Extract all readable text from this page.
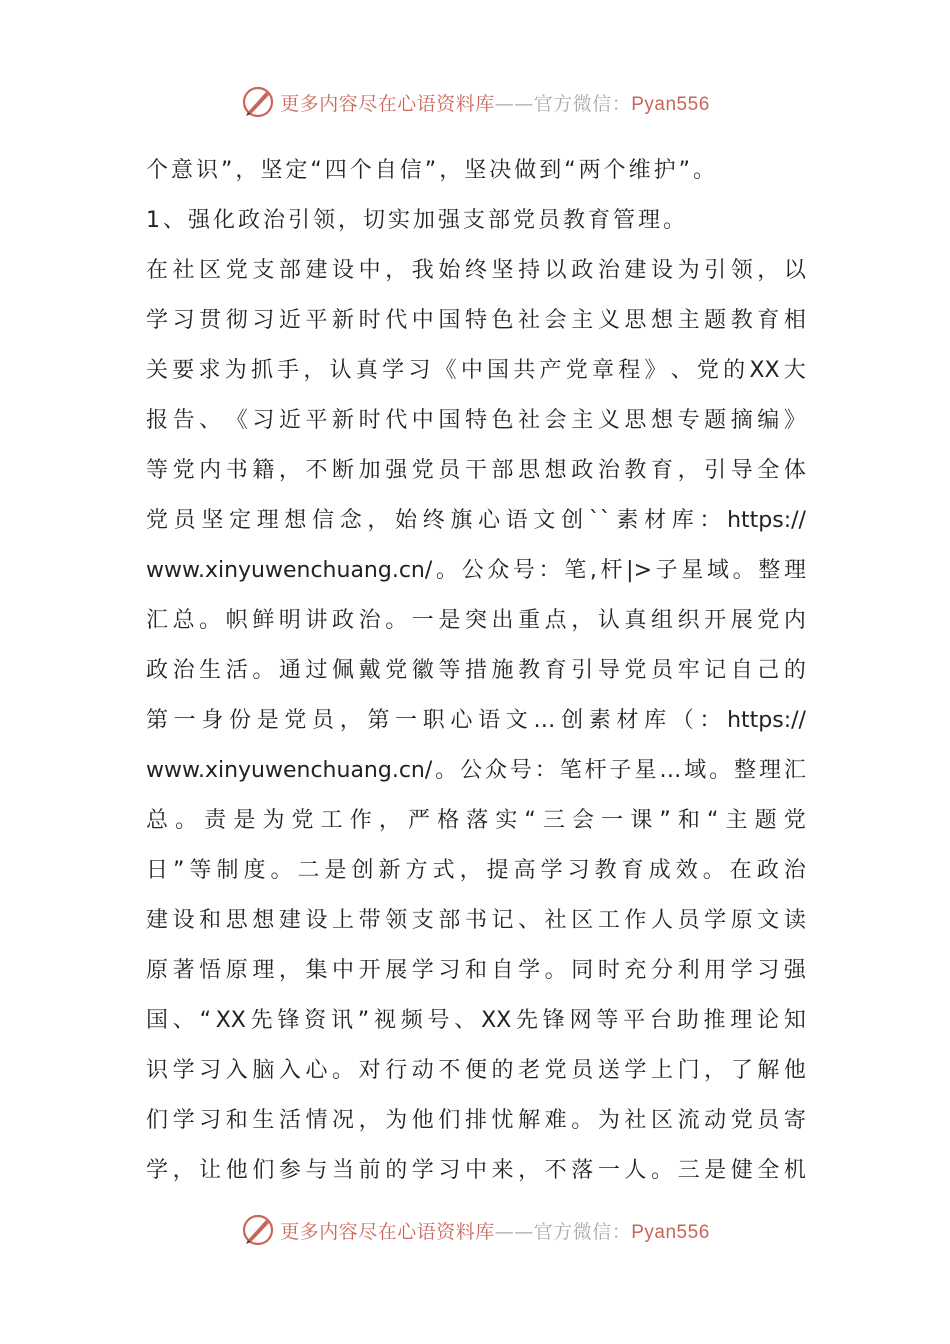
更多内容尽在心语资料库——官方微信：Pyan556
个意识”，坚定“四个自信”，坚决做到“两个维护”。
1、强化政治引领，切实加强支部党员教育管理。
在 社 区 党 支 部 建 设 中 ， 我 始 终 坚 持 以 政 治 建 设 为 引 领 ， 以
学 习 贯 彻 习 近 平 新 时 代 中 国 特 色 社 会 主 义 思 想 主 题 教 育 相
关 要 求 为 抓 手 ， 认 真 学 习 《 中 国 共 产 党 章 程 》 、 党 的 XX 大
报 告 、 《 习 近 平 新 时 代 中 国 特 色 社 会 主 义 思 想 专 题 摘 编 》
等 党 内 书 籍 ， 不 断 加 强 党 员 干 部 思 想 政 治 教 育 ， 引 导 全 体
党 员 坚 定 理 想 信 念 ， 始 终 旗 心 语 文 创 `` 素 材 库 ： https://
www.xinyuwenchuang.cn/ 。 公 众 号 ： 笔 , 杆 |> 子 星 域 。 整 理
汇 总 。 帜 鲜 明 讲 政 治 。 一 是 突 出 重 点 ， 认 真 组 织 开 展 党 内
政 治 生 活 。 通 过 佩 戴 党 徽 等 措 施 教 育 引 导 党 员 牢 记 自 己 的
第 一 身 份 是 党 员 ， 第 一 职 心 语 文 … 创 素 材 库 （ ： https://
www.xinyuwenchuang.cn/ 。 公 众 号 ： 笔 杆 子 星 … 域 。 整 理 汇
总 。 责 是 为 党 工 作 ， 严 格 落 实 “ 三 会 一 课 ” 和 “ 主 题 党
日 ” 等 制 度 。 二 是 创 新 方 式 ， 提 高 学 习 教 育 成 效 。 在 政 治
建 设 和 思 想 建 设 上 带 领 支 部 书 记 、 社 区 工 作 人 员 学 原 文 读
原 著 悟 原 理 ， 集 中 开 展 学 习 和 自 学 。 同 时 充 分 利 用 学 习 强
国 、 “ XX 先 锋 资 讯 ” 视 频 号 、 XX 先 锋 网 等 平 台 助 推 理 论 知
识 学 习 入 脑 入 心 。 对 行 动 不 便 的 老 党 员 送 学 上 门 ， 了 解 他
们 学 习 和 生 活 情 况 ， 为 他 们 排 忧 解 难 。 为 社 区 流 动 党 员 寄
学 ， 让 他 们 参 与 当 前 的 学 习 中 来 ， 不 落 一 人 。 三 是 健 全 机
更多内容尽在心语资料库——官方微信：Pyan556
